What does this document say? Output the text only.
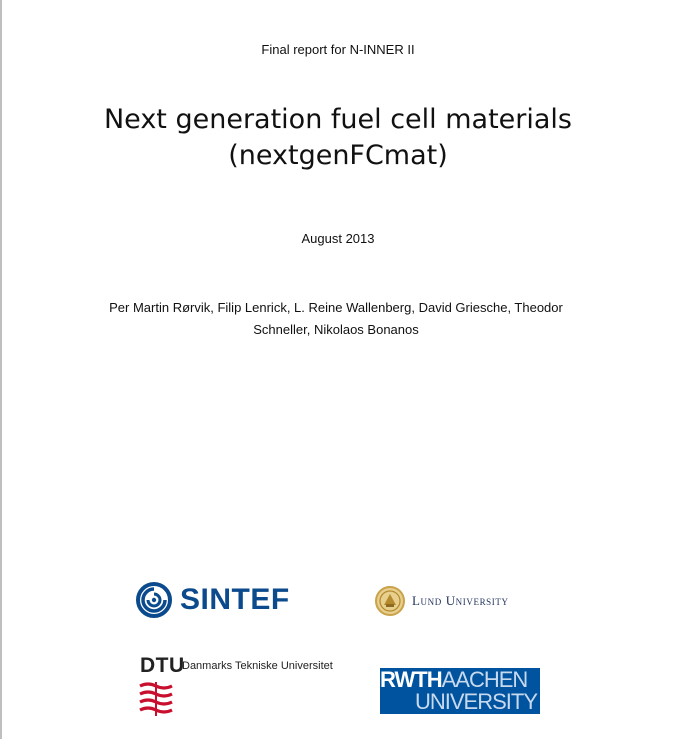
Final report for N-INNER II
Next generation fuel cell materials
(nextgenFCmat)
August 2013
Per Martin Rørvik, Filip Lenrick, L. Reine Wallenberg, David Griesche, Theodor
Schneller, Nikolaos Bonanos
SINTEF	Lund University
DTU
Danmarks Tekniske Universitet
RWTHAACHEN
UNIVERSITY
